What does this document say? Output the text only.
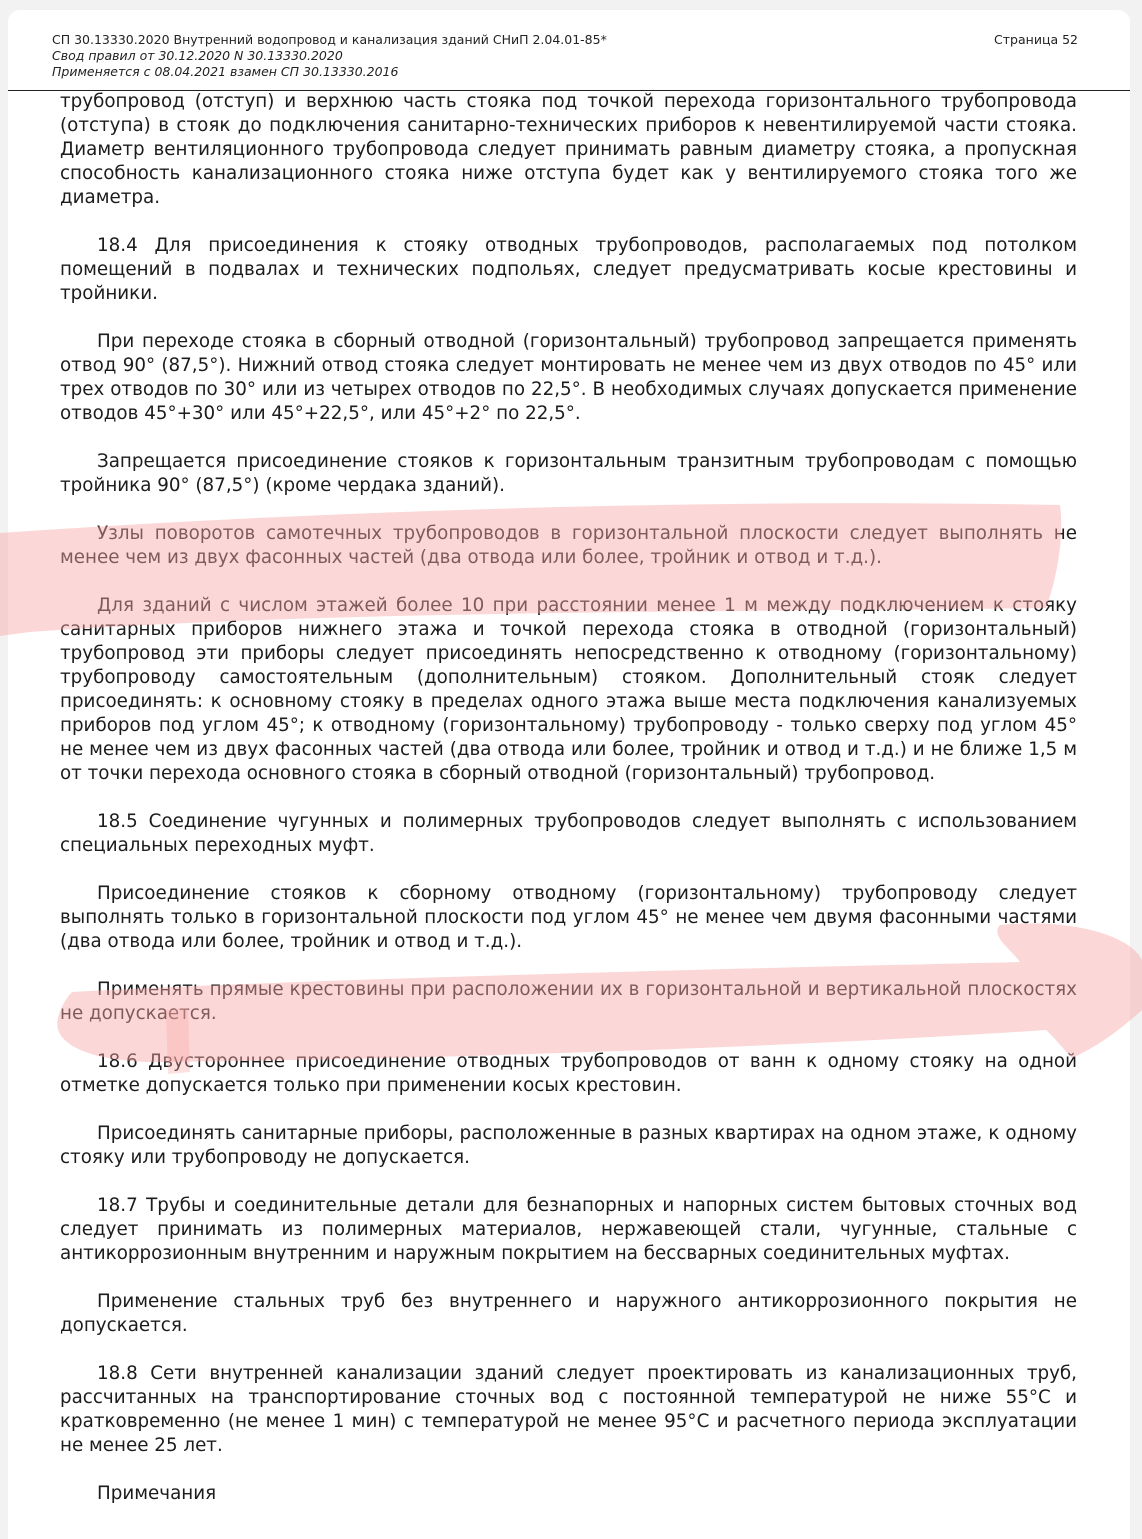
СП 30.13330.2020 Внутренний водопровод и канализация зданий СНиП 2.04.01-85*
Свод правил от 30.12.2020 N 30.13330.2020
Применяется с 08.04.2021 взамен СП 30.13330.2016
Страница 52

трубопровод (отступ) и верхнюю часть стояка под точкой перехода горизонтального трубопровода (отступа) в стояк до подключения санитарно-технических приборов к невентилируемой части стояка. Диаметр вентиляционного трубопровода следует принимать равным диаметру стояка, а пропускная способность канализационного стояка ниже отступа будет как у вентилируемого стояка того же диаметра.

18.4 Для присоединения к стояку отводных трубопроводов, располагаемых под потолком помещений в подвалах и технических подпольях, следует предусматривать косые крестовины и тройники.

При переходе стояка в сборный отводной (горизонтальный) трубопровод запрещается применять отвод 90° (87,5°). Нижний отвод стояка следует монтировать не менее чем из двух отводов по 45° или трех отводов по 30° или из четырех отводов по 22,5°. В необходимых случаях допускается применение отводов 45°+30° или 45°+22,5°, или 45°+2° по 22,5°.

Запрещается присоединение стояков к горизонтальным транзитным трубопроводам с помощью тройника 90° (87,5°) (кроме чердака зданий).

Узлы поворотов самотечных трубопроводов в горизонтальной плоскости следует выполнять не менее чем из двух фасонных частей (два отвода или более, тройник и отвод и т.д.).

Для зданий с числом этажей более 10 при расстоянии менее 1 м между подключением к стояку санитарных приборов нижнего этажа и точкой перехода стояка в отводной (горизонтальный) трубопровод эти приборы следует присоединять непосредственно к отводному (горизонтальному) трубопроводу самостоятельным (дополнительным) стояком. Дополнительный стояк следует присоединять: к основному стояку в пределах одного этажа выше места подключения канализуемых приборов под углом 45°; к отводному (горизонтальному) трубопроводу - только сверху под углом 45° не менее чем из двух фасонных частей (два отвода или более, тройник и отвод и т.д.) и не ближе 1,5 м от точки перехода основного стояка в сборный отводной (горизонтальный) трубопровод.

18.5 Соединение чугунных и полимерных трубопроводов следует выполнять с использованием специальных переходных муфт.

Присоединение стояков к сборному отводному (горизонтальному) трубопроводу следует выполнять только в горизонтальной плоскости под углом 45° не менее чем двумя фасонными частями (два отвода или более, тройник и отвод и т.д.).

Применять прямые крестовины при расположении их в горизонтальной и вертикальной плоскостях не допускается.

18.6 Двустороннее присоединение отводных трубопроводов от ванн к одному стояку на одной отметке допускается только при применении косых крестовин.

Присоединять санитарные приборы, расположенные в разных квартирах на одном этаже, к одному стояку или трубопроводу не допускается.

18.7 Трубы и соединительные детали для безнапорных и напорных систем бытовых сточных вод следует принимать из полимерных материалов, нержавеющей стали, чугунные, стальные с антикоррозионным внутренним и наружным покрытием на бессварных соединительных муфтах.

Применение стальных труб без внутреннего и наружного антикоррозионного покрытия не допускается.

18.8 Сети внутренней канализации зданий следует проектировать из канализационных труб, рассчитанных на транспортирование сточных вод с постоянной температурой не ниже 55°С и кратковременно (не менее 1 мин) с температурой не менее 95°С и расчетного периода эксплуатации не менее 25 лет.

Примечания
